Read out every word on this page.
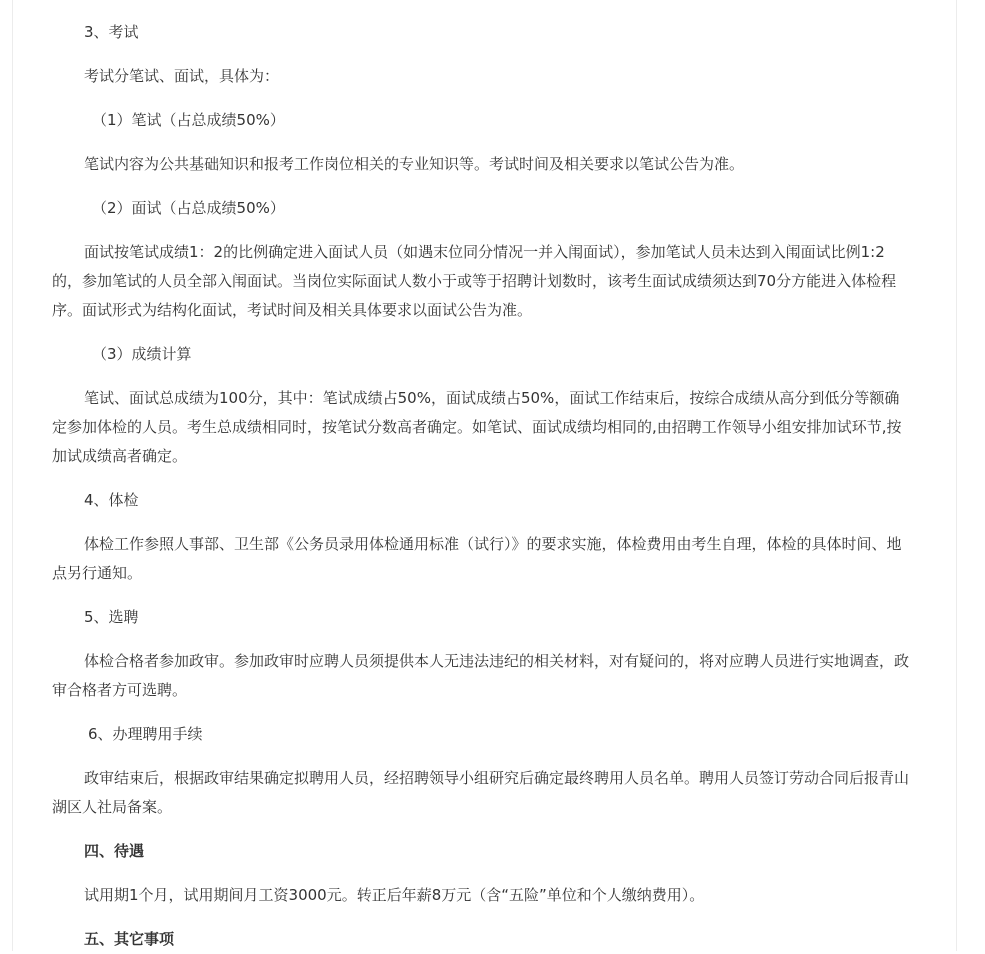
3、考试

考试分笔试、面试，具体为：

（1）笔试（占总成绩50%）

笔试内容为公共基础知识和报考工作岗位相关的专业知识等。考试时间及相关要求以笔试公告为准。

（2）面试（占总成绩50%）

面试按笔试成绩1：2的比例确定进入面试人员（如遇末位同分情况一并入闱面试），参加笔试人员未达到入闱面试比例1:2的，参加笔试的人员全部入闱面试。当岗位实际面试人数小于或等于招聘计划数时，该考生面试成绩须达到70分方能进入体检程序。面试形式为结构化面试，考试时间及相关具体要求以面试公告为准。

（3）成绩计算

笔试、面试总成绩为100分，其中：笔试成绩占50%，面试成绩占50%，面试工作结束后，按综合成绩从高分到低分等额确定参加体检的人员。考生总成绩相同时，按笔试分数高者确定。如笔试、面试成绩均相同的,由招聘工作领导小组安排加试环节,按加试成绩高者确定。

4、体检

体检工作参照人事部、卫生部《公务员录用体检通用标准（试行）》的要求实施，体检费用由考生自理，体检的具体时间、地点另行通知。

5、选聘

体检合格者参加政审。参加政审时应聘人员须提供本人无违法违纪的相关材料，对有疑问的，将对应聘人员进行实地调查，政审合格者方可选聘。

6、办理聘用手续

政审结束后，根据政审结果确定拟聘用人员，经招聘领导小组研究后确定最终聘用人员名单。聘用人员签订劳动合同后报青山湖区人社局备案。

四、待遇

试用期1个月，试用期间月工资3000元。转正后年薪8万元（含“五险”单位和个人缴纳费用）。

五、其它事项
